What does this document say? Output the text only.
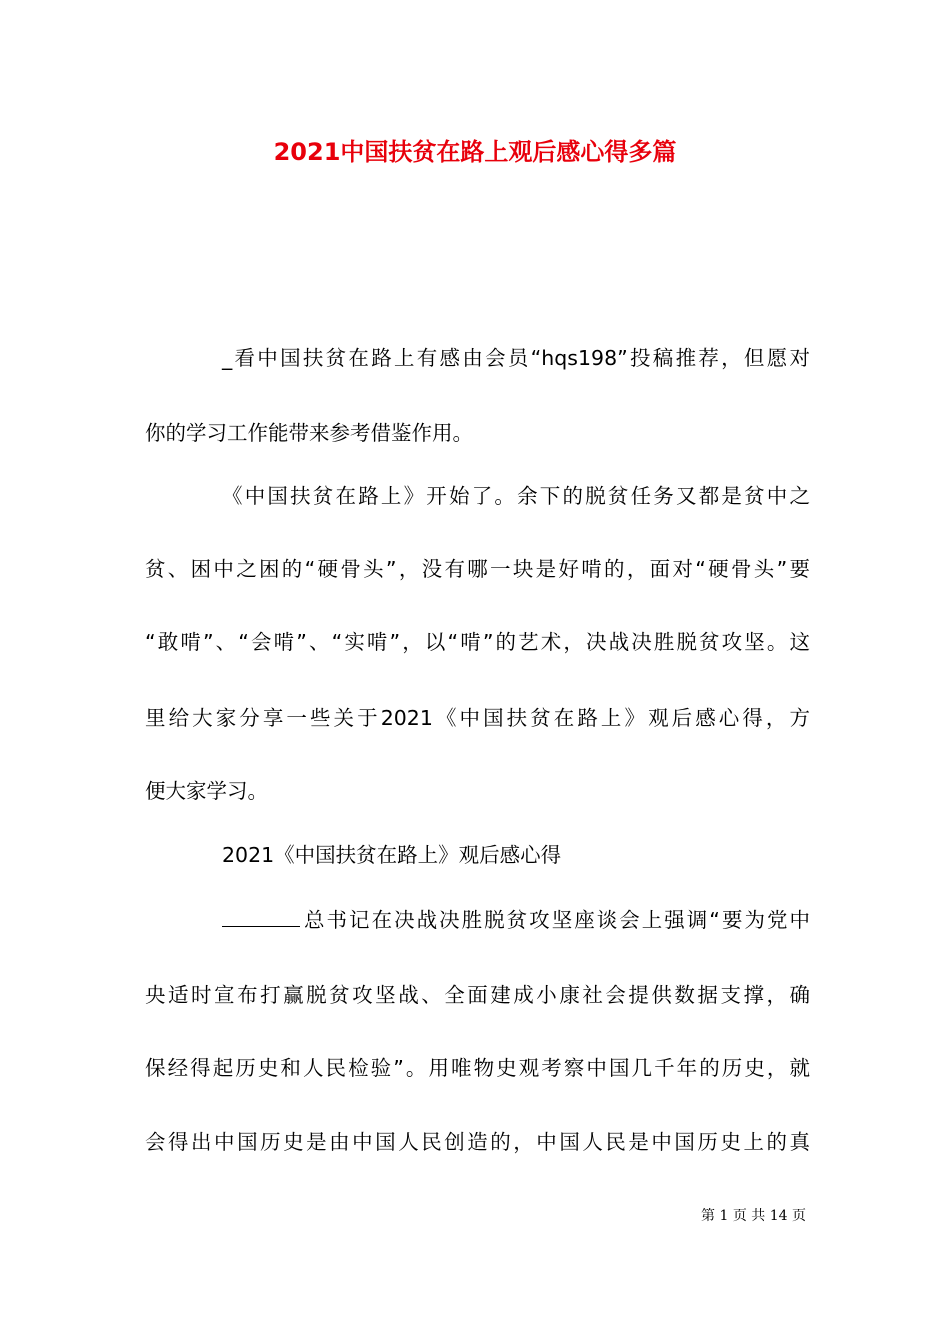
2021中国扶贫在路上观后感心得多篇
_看中国扶贫在路上有感由会员“hqs198”投稿推荐，但愿对
你的学习工作能带来参考借鉴作用。
《中国扶贫在路上》开始了。余下的脱贫任务又都是贫中之
贫、困中之困的“硬骨头”，没有哪一块是好啃的，面对“硬骨头”要
“敢啃”、“会啃”、“实啃”，以“啃”的艺术，决战决胜脱贫攻坚。这
里给大家分享一些关于2021《中国扶贫在路上》观后感心得，方
便大家学习。
2021《中国扶贫在路上》观后感心得
总书记在决战决胜脱贫攻坚座谈会上强调“要为党中
央适时宣布打赢脱贫攻坚战、全面建成小康社会提供数据支撑，确
保经得起历史和人民检验”。用唯物史观考察中国几千年的历史，就
会得出中国历史是由中国人民创造的，中国人民是中国历史上的真
第 1 页 共 14 页
